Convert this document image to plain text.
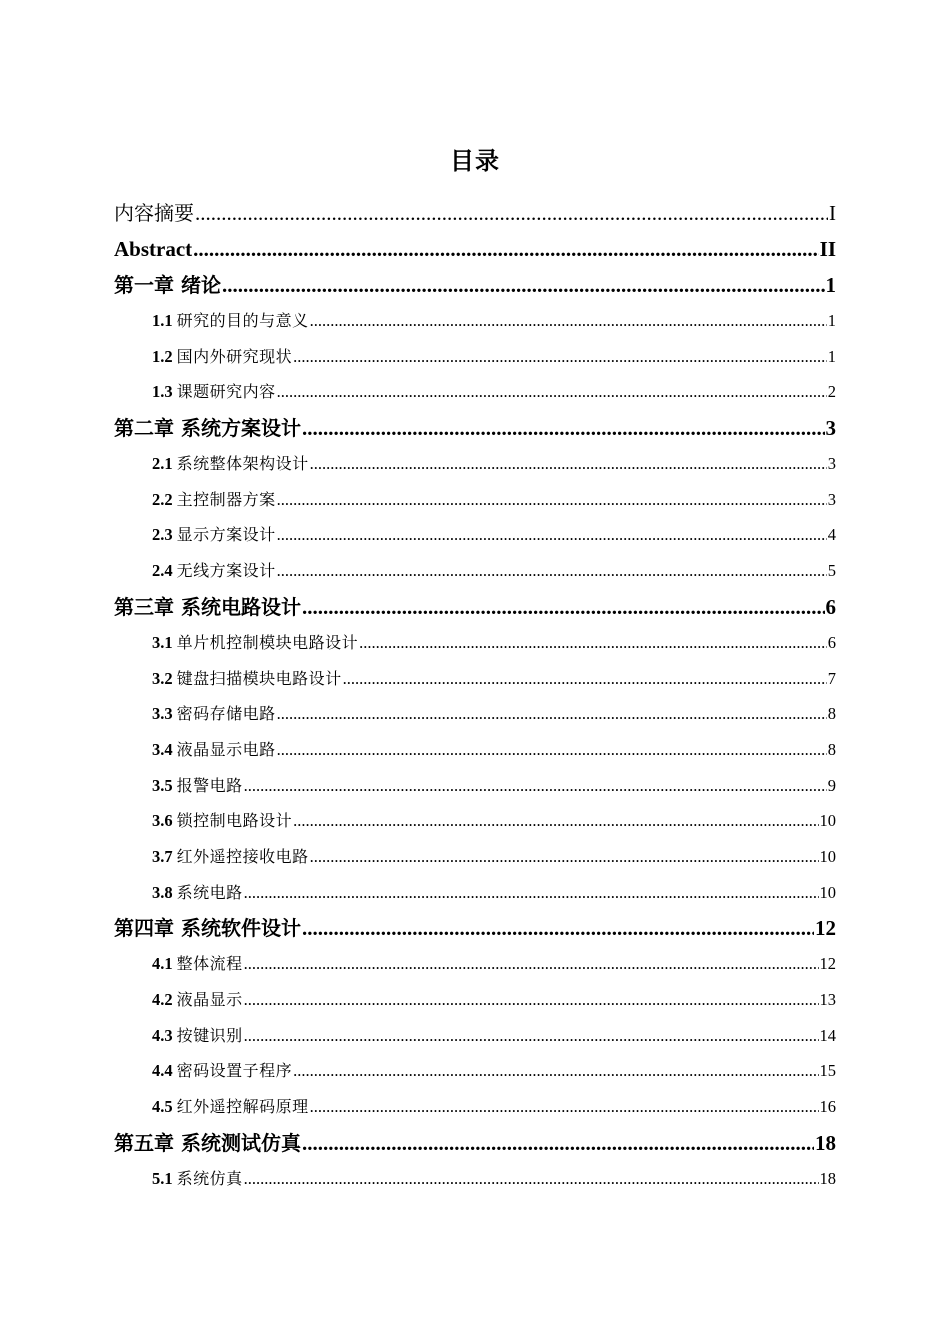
目录
内容摘要 .....	I
Abstract .....	II
第一章 绪论 .....	1
1.1 研究的目的与意义 .....	1
1.2 国内外研究现状 .....	1
1.3 课题研究内容 .....	2
第二章 系统方案设计 .....	3
2.1 系统整体架构设计 .....	3
2.2 主控制器方案 .....	3
2.3 显示方案设计 .....	4
2.4 无线方案设计 .....	5
第三章 系统电路设计 .....	6
3.1 单片机控制模块电路设计 .....	6
3.2 键盘扫描模块电路设计 .....	7
3.3 密码存储电路 .....	8
3.4 液晶显示电路 .....	8
3.5 报警电路 .....	9
3.6 锁控制电路设计 .....	10
3.7 红外遥控接收电路 .....	10
3.8 系统电路 .....	10
第四章 系统软件设计 .....	12
4.1 整体流程 .....	12
4.2 液晶显示 .....	13
4.3 按键识别 .....	14
4.4 密码设置子程序 .....	15
4.5 红外遥控解码原理 .....	16
第五章 系统测试仿真 .....	18
5.1 系统仿真 .....	18
